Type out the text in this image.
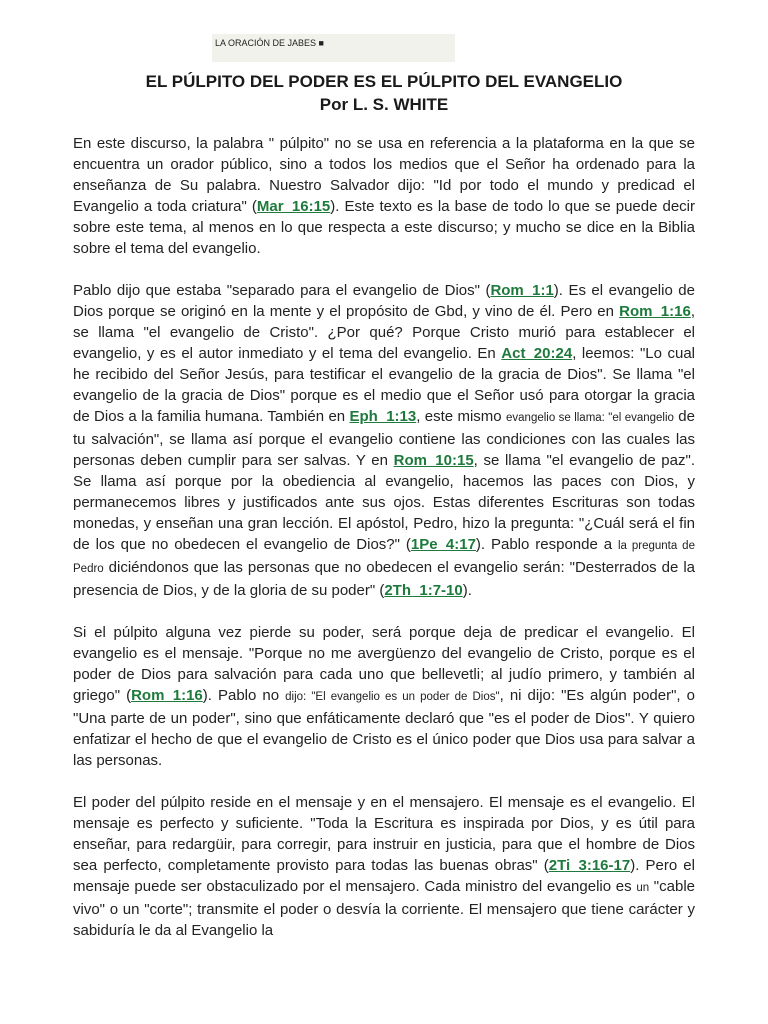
LA ORACIÓN DE JABES ■
EL PÚLPITO DEL PODER ES EL PÚLPITO DEL EVANGELIO
Por L. S. WHITE

En este discurso, la palabra " púlpito" no se usa en referencia a la plataforma en la que se encuentra un orador público, sino a todos los medios que el Señor ha ordenado para la enseñanza de Su palabra. Nuestro Salvador dijo: "Id por todo el mundo y predicad el Evangelio a toda criatura" (Mar_16:15). Este texto es la base de todo lo que se puede decir sobre este tema, al menos en lo que respecta a este discurso; y mucho se dice en la Biblia sobre el tema del evangelio.

Pablo dijo que estaba "separado para el evangelio de Dios" (Rom_1:1). Es el evangelio de Dios porque se originó en la mente y el propósito de Gbd, y vino de él. Pero en Rom_1:16, se llama "el evangelio de Cristo". ¿Por qué? Porque Cristo murió para establecer el evangelio, y es el autor inmediato y el tema del evangelio. En Act_20:24, leemos: "Lo cual he recibido del Señor Jesús, para testificar el evangelio de la gracia de Dios". Se llama "el evangelio de la gracia de Dios" porque es el medio que el Señor usó para otorgar la gracia de Dios a la familia humana. También en Eph_1:13, este mismo evangelio se llama: "el evangelio de tu salvación", se llama así porque el evangelio contiene las condiciones con las cuales las personas deben cumplir para ser salvas. Y en Rom_10:15, se llama "el evangelio de paz". Se llama así porque por la obediencia al evangelio, hacemos las paces con Dios, y permanecemos libres y justificados ante sus ojos. Estas diferentes Escrituras son todas monedas, y enseñan una gran lección. El apóstol, Pedro, hizo la pregunta: "¿Cuál será el fin de los que no obedecen el evangelio de Dios?" (1Pe_4:17). Pablo responde a la pregunta de Pedro diciéndonos que las personas que no obedecen el evangelio serán: "Desterrados de la presencia de Dios, y de la gloria de su poder" (2Th_1:7-10).

Si el púlpito alguna vez pierde su poder, será porque deja de predicar el evangelio. El evangelio es el mensaje. "Porque no me avergüenzo del evangelio de Cristo, porque es el poder de Dios para salvación para cada uno que bellevetli; al judío primero, y también al griego" (Rom_1:16). Pablo no dijo: "El evangelio es un poder de Dios", ni dijo: "Es algún poder", o "Una parte de un poder", sino que enfáticamente declaró que "es el poder de Dios". Y quiero enfatizar el hecho de que el evangelio de Cristo es el único poder que Dios usa para salvar a las personas.

El poder del púlpito reside en el mensaje y en el mensajero. El mensaje es el evangelio. El mensaje es perfecto y suficiente. "Toda la Escritura es inspirada por Dios, y es útil para enseñar, para redargüir, para corregir, para instruir en justicia, para que el hombre de Dios sea perfecto, completamente provisto para todas las buenas obras" (2Ti_3:16-17). Pero el mensaje puede ser obstaculizado por el mensajero. Cada ministro del evangelio es un "cable vivo" o un "corte"; transmite el poder o desvía la corriente. El mensajero que tiene carácter y sabiduría le da al Evangelio la
